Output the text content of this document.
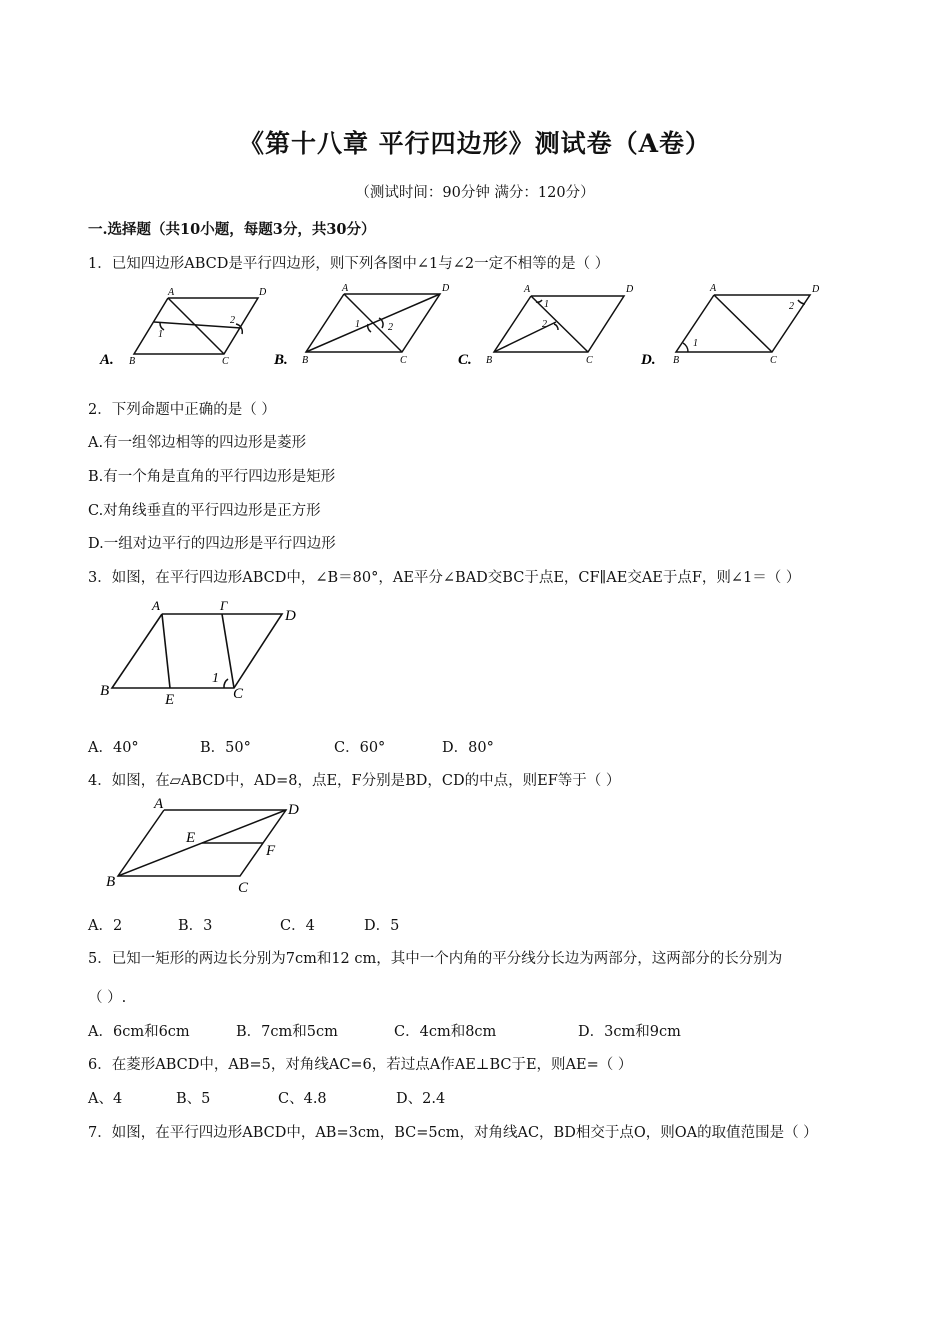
《第十八章 平行四边形》测试卷（A卷）
（测试时间：90分钟 满分：120分）
一.选择题（共10小题，每题3分，共30分）
1．已知四边形ABCD是平行四边形，则下列各图中∠1与∠2一定不相等的是（ ）
A	D
B	C
1
2
A.
A	D
B	C
1	2
B.
A	D
B	C
1
2
C.
A	D
B	C
1
2
D.
2．下列命题中正确的是（ ）
A.有一组邻边相等的四边形是菱形
B.有一个角是直角的平行四边形是矩形
C.对角线垂直的平行四边形是正方形
D.一组对边平行的四边形是平行四边形
3．如图，在平行四边形ABCD中，∠B＝80°，AE平分∠BAD交BC于点E，CF∥AE交AE于点F，则∠1＝（ ）
A	Γ
D
B
E	C
1
A．40°	B．50°	C．60°	D．80°
4．如图，在▱ABCD中，AD=8，点E，F分别是BD，CD的中点，则EF等于（ ）
A	D
E
F
B	C
A．2	B．3	C．4	D．5
5．已知一矩形的两边长分别为7cm和12 cm，其中一个内角的平分线分长边为两部分，这两部分的长分别为
（ ）.
A．6cm和6cm	B．7cm和5cm	C．4cm和8cm	D．3cm和9cm
6．在菱形ABCD中，AB=5，对角线AC=6，若过点A作AE⊥BC于E，则AE=（ ）
A、4	B、5	C、4.8	D、2.4
7．如图，在平行四边形ABCD中，AB=3cm，BC=5cm，对角线AC，BD相交于点O，则OA的取值范围是（ ）
